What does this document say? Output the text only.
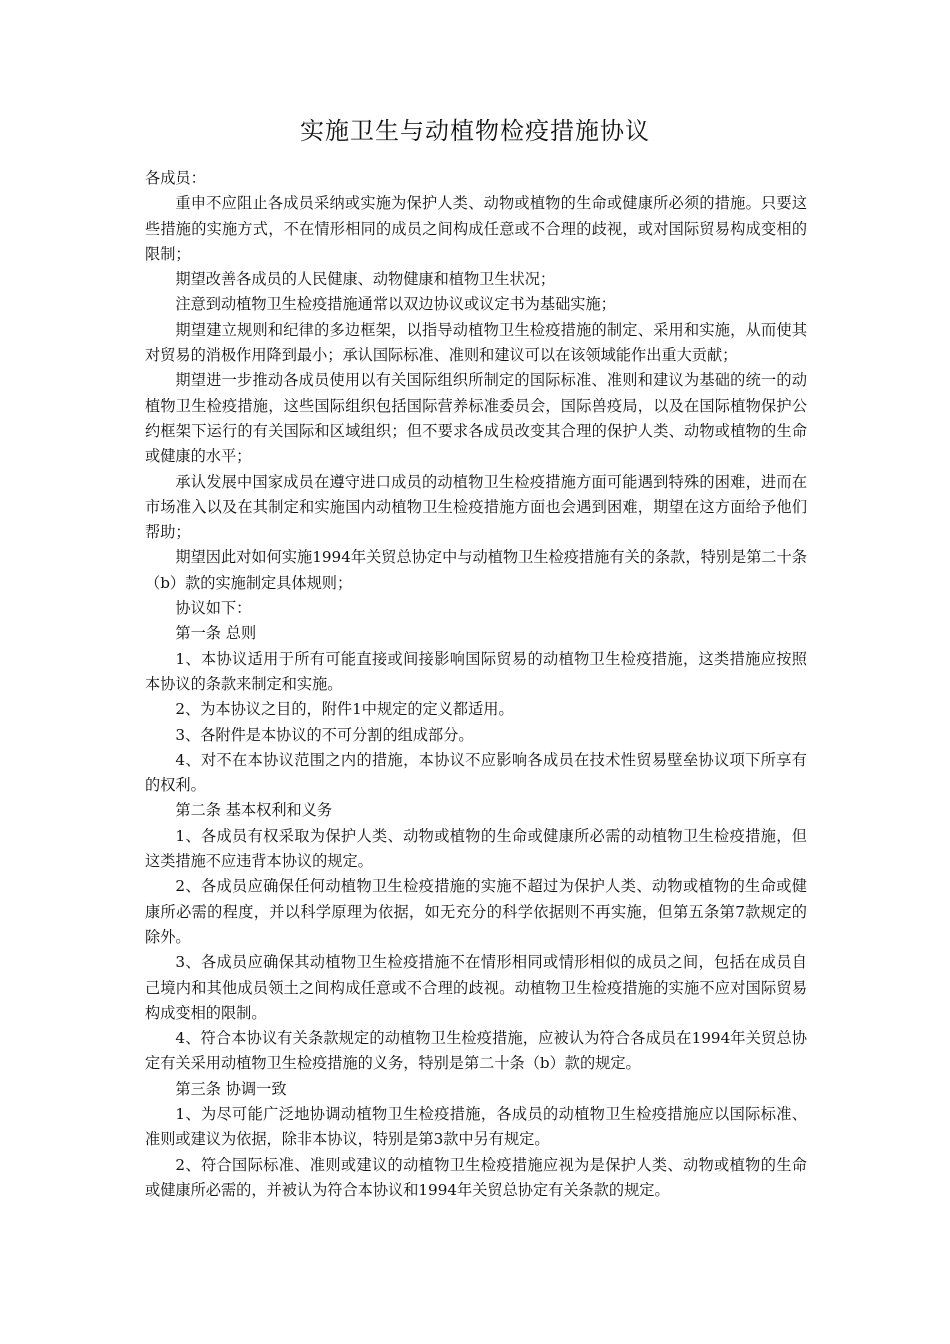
实施卫生与动植物检疫措施协议

各成员：

重申不应阻止各成员采纳或实施为保护人类、动物或植物的生命或健康所必须的措施。只要这些措施的实施方式，不在情形相同的成员之间构成任意或不合理的歧视，或对国际贸易构成变相的限制；

期望改善各成员的人民健康、动物健康和植物卫生状况；

注意到动植物卫生检疫措施通常以双边协议或议定书为基础实施；

期望建立规则和纪律的多边框架，以指导动植物卫生检疫措施的制定、采用和实施，从而使其对贸易的消极作用降到最小；承认国际标准、准则和建议可以在该领域能作出重大贡献；

期望进一步推动各成员使用以有关国际组织所制定的国际标准、准则和建议为基础的统一的动植物卫生检疫措施，这些国际组织包括国际营养标准委员会，国际兽疫局，以及在国际植物保护公约框架下运行的有关国际和区域组织；但不要求各成员改变其合理的保护人类、动物或植物的生命或健康的水平；

承认发展中国家成员在遵守进口成员的动植物卫生检疫措施方面可能遇到特殊的困难，进而在市场准入以及在其制定和实施国内动植物卫生检疫措施方面也会遇到困难，期望在这方面给予他们帮助；

期望因此对如何实施1994年关贸总协定中与动植物卫生检疫措施有关的条款，特别是第二十条（b）款的实施制定具体规则；

协议如下：

第一条 总则

1、本协议适用于所有可能直接或间接影响国际贸易的动植物卫生检疫措施，这类措施应按照本协议的条款来制定和实施。

2、为本协议之目的，附件1中规定的定义都适用。

3、各附件是本协议的不可分割的组成部分。

4、对不在本协议范围之内的措施，本协议不应影响各成员在技术性贸易壁垒协议项下所享有的权利。

第二条 基本权利和义务

1、各成员有权采取为保护人类、动物或植物的生命或健康所必需的动植物卫生检疫措施，但这类措施不应违背本协议的规定。

2、各成员应确保任何动植物卫生检疫措施的实施不超过为保护人类、动物或植物的生命或健康所必需的程度，并以科学原理为依据，如无充分的科学依据则不再实施，但第五条第7款规定的除外。

3、各成员应确保其动植物卫生检疫措施不在情形相同或情形相似的成员之间，包括在成员自己境内和其他成员领土之间构成任意或不合理的歧视。动植物卫生检疫措施的实施不应对国际贸易构成变相的限制。

4、符合本协议有关条款规定的动植物卫生检疫措施，应被认为符合各成员在1994年关贸总协定有关采用动植物卫生检疫措施的义务，特别是第二十条（b）款的规定。

第三条 协调一致

1、为尽可能广泛地协调动植物卫生检疫措施，各成员的动植物卫生检疫措施应以国际标准、准则或建议为依据，除非本协议，特别是第3款中另有规定。

2、符合国际标准、准则或建议的动植物卫生检疫措施应视为是保护人类、动物或植物的生命或健康所必需的，并被认为符合本协议和1994年关贸总协定有关条款的规定。
